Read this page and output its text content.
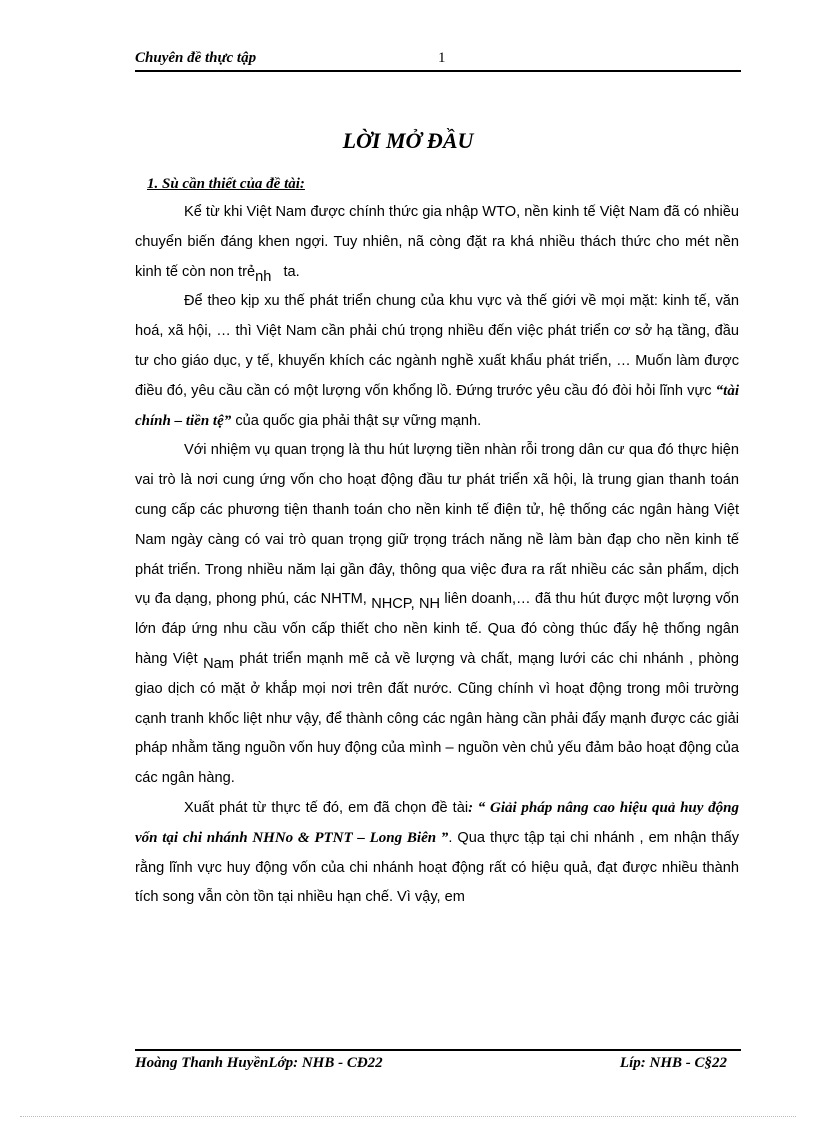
Chuyên đề thực tập	1
LỜI MỞ ĐẦU
1. Sù cần thiết của đề tài:

Kể từ khi Việt Nam được chính thức gia nhập WTO, nền kinh tế Việt Nam đã có nhiều chuyển biến đáng khen ngợi. Tuy nhiên, nã còng đặt ra khá nhiều thách thức cho mét nền kinh tế còn non trẻnh ta.

Để theo kịp xu thế phát triển chung của khu vực và thế giới về mọi mặt: kinh tế, văn hoá, xã hội, … thì Việt Nam cần phải chú trọng nhiều đến việc phát triển cơ sở hạ tầng, đầu tư cho giáo dục, y tế, khuyến khích các ngành nghề xuất khẩu phát triển, … Muốn làm được điều đó, yêu cầu cần có một lượng vốn khổng lồ. Đứng trước yêu cầu đó đòi hỏi lĩnh vực “tài chính – tiền tệ” của quốc gia phải thật sự vững mạnh.

Với nhiệm vụ quan trọng là thu hút lượng tiền nhàn rỗi trong dân cư qua đó thực hiện vai trò là nơi cung ứng vốn cho hoạt động đầu tư phát triển xã hội, là trung gian thanh toán cung cấp các phương tiện thanh toán cho nền kinh tế điện tử, hệ thống các ngân hàng Việt Nam ngày càng có vai trò quan trọng giữ trọng trách năng nề làm bàn đạp cho nền kinh tế phát triển. Trong nhiều năm lại gần đây, thông qua việc đưa ra rất nhiều các sản phẩm, dịch vụ đa dạng, phong phú, các NHTM, NHCP, NH liên doanh,… đã thu hút được một lượng vốn lớn đáp ứng nhu cầu vốn cấp thiết cho nền kinh tế. Qua đó còng thúc đẩy hệ thống ngân hàng Việt Nam phát triển mạnh mẽ cả về lượng và chất, mạng lưới các chi nhánh , phòng giao dịch có mặt ở khắp mọi nơi trên đất nước. Cũng chính vì hoạt động trong môi trường cạnh tranh khốc liệt như vậy, để thành công các ngân hàng cần phải đẩy mạnh được các giải pháp nhằm tăng nguồn vốn huy động của mình – nguồn vèn chủ yếu đảm bảo hoạt động của các ngân hàng.

Xuất phát từ thực tế đó, em đã chọn đề tài: “ Giải pháp nâng cao hiệu quả huy động vốn tại chi nhánh NHNo & PTNT – Long Biên ”. Qua thực tập tại chi nhánh , em nhận thấy rằng lĩnh vực huy động vốn của chi nhánh hoạt động rất có hiệu quả, đạt được nhiều thành tích song vẫn còn tồn tại nhiều hạn chế. Vì vậy, em

Hoàng Thanh HuyềnLớp: NHB - CĐ22	Líp: NHB - C§22
